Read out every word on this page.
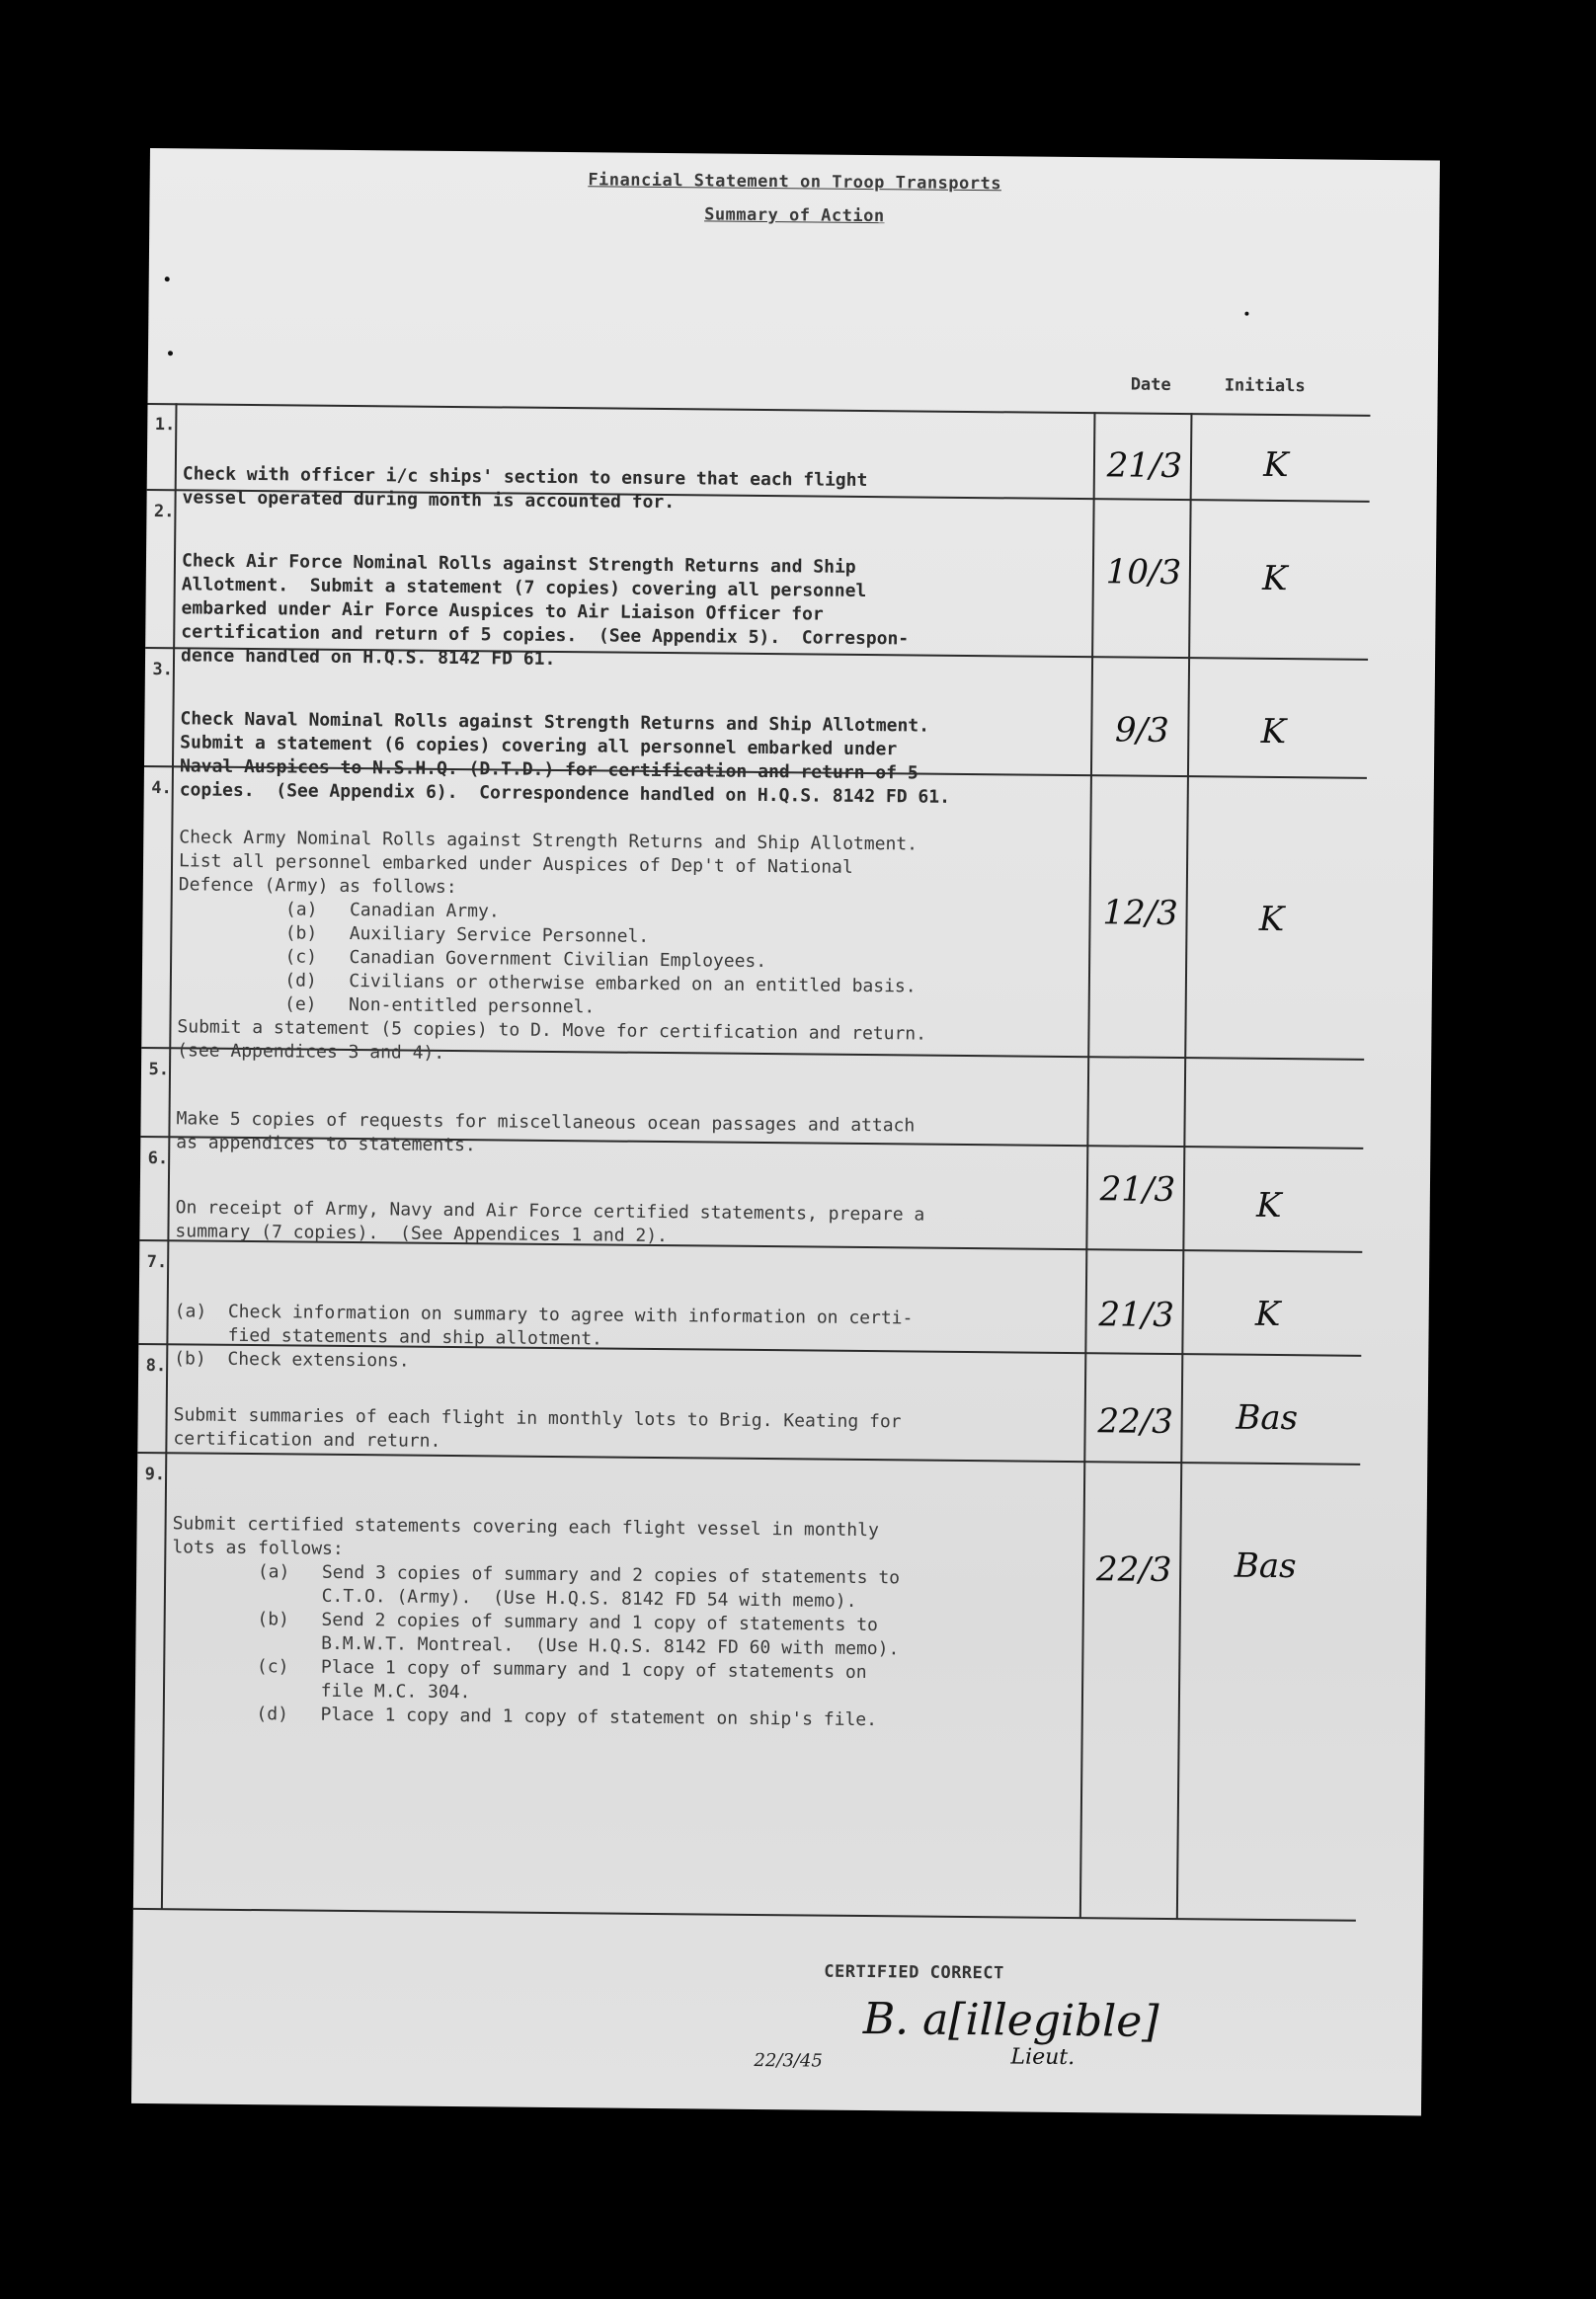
Financial Statement on Troop Transports
Summary of Action
Date	Initials
1.

Check with officer i/c ships' section to ensure that each flight
vessel operated during month is accounted for.

21/3	K
2.

Check Air Force Nominal Rolls against Strength Returns and Ship
Allotment.  Submit a statement (7 copies) covering all personnel
embarked under Air Force Auspices to Air Liaison Officer for
certification and return of 5 copies.  (See Appendix 5).  Correspon-
dence handled on H.Q.S. 8142 FD 61.

10/3	K
3.

Check Naval Nominal Rolls against Strength Returns and Ship Allotment.
Submit a statement (6 copies) covering all personnel embarked under
Naval Auspices to N.S.H.Q. (D.T.D.) for certification and return of 5
copies.  (See Appendix 6).  Correspondence handled on H.Q.S. 8142 FD 61.

9/3	K
4.

Check Army Nominal Rolls against Strength Returns and Ship Allotment.
List all personnel embarked under Auspices of Dep't of National
Defence (Army) as follows:
(a)   Canadian Army.
(b)   Auxiliary Service Personnel.
(c)   Canadian Government Civilian Employees.
(d)   Civilians or otherwise embarked on an entitled basis.
(e)   Non-entitled personnel.
Submit a statement (5 copies) to D. Move for certification and return.
(see Appendices 3 and 4).

12/3	K
5.

Make 5 copies of requests for miscellaneous ocean passages and attach
as appendices to statements.

6.

On receipt of Army, Navy and Air Force certified statements, prepare a
summary (7 copies).  (See Appendices 1 and 2).

21/3	K
7.

(a)  Check information on summary to agree with information on certi-
fied statements and ship allotment.
(b)  Check extensions.

21/3	K
8.

Submit summaries of each flight in monthly lots to Brig. Keating for
certification and return.

	22/3	Bas
9.

Submit certified statements covering each flight vessel in monthly
lots as follows:
(a)   Send 3 copies of summary and 2 copies of statements to
C.T.O. (Army).  (Use H.Q.S. 8142 FD 54 with memo).
(b)   Send 2 copies of summary and 1 copy of statements to
B.M.W.T. Montreal.  (Use H.Q.S. 8142 FD 60 with memo).
(c)   Place 1 copy of summary and 1 copy of statements on
file M.C. 304.
(d)   Place 1 copy and 1 copy of statement on ship's file.

22/3	Bas
CERTIFIED CORRECT
B. a[illegible]
Lieut.
22/3/45
